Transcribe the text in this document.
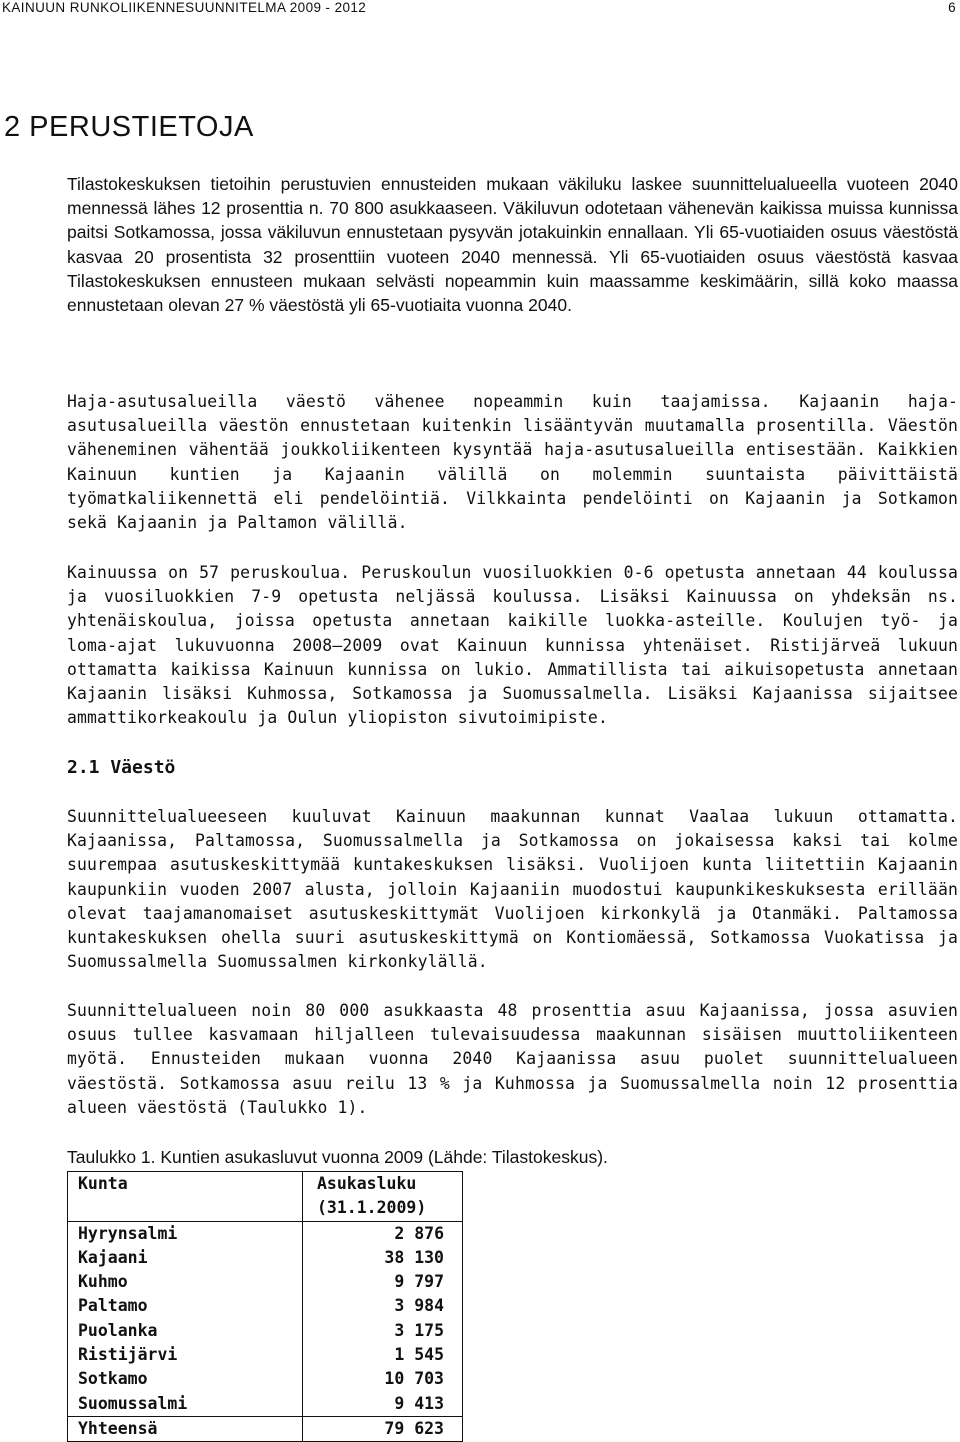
KAINUUN RUNKOLIIKENNESUUNNITELMA 2009 - 2012	6
2 PERUSTIETOJA

Tilastokeskuksen tietoihin perustuvien ennusteiden mukaan väkiluku laskee suunnittelualueella vuoteen 2040 mennessä lähes 12 prosenttia n. 70 800 asukkaaseen. Väkiluvun odotetaan vähenevän kaikissa muissa kunnissa paitsi Sotkamossa, jossa väkiluvun ennustetaan pysyvän jotakuinkin ennallaan. Yli 65-vuotiaiden osuus väestöstä kasvaa 20 prosentista 32 prosenttiin vuoteen 2040 mennessä. Yli 65-vuotiaiden osuus väestöstä kasvaa Tilastokeskuksen ennusteen mukaan selvästi nopeammin kuin maassamme keskimäärin, sillä koko maassa ennustetaan olevan 27 % väestöstä yli 65-vuotiaita vuonna 2040.

Haja-asutusalueilla väestö vähenee nopeammin kuin taajamissa. Kajaanin haja-asutusalueilla väestön ennustetaan kuitenkin lisääntyvän muutamalla prosentilla. Väestön väheneminen vähentää joukkoliikenteen kysyntää haja-asutusalueilla entisestään. Kaikkien Kainuun kuntien ja Kajaanin välillä on molemmin suuntaista päivittäistä työmatkaliikennettä eli pendelöintiä. Vilkkainta pendelöinti on Kajaanin ja Sotkamon sekä Kajaanin ja Paltamon välillä.

Kainuussa on 57 peruskoulua. Peruskoulun vuosiluokkien 0-6 opetusta annetaan 44 koulussa ja vuosiluokkien 7-9 opetusta neljässä koulussa. Lisäksi Kainuussa on yhdeksän ns. yhtenäiskoulua, joissa opetusta annetaan kaikille luokka-asteille. Koulujen työ- ja loma-ajat lukuvuonna 2008—2009 ovat Kainuun kunnissa yhtenäiset. Ristijärveä lukuun ottamatta kaikissa Kainuun kunnissa on lukio. Ammatillista tai aikuisopetusta annetaan Kajaanin lisäksi Kuhmossa, Sotkamossa ja Suomussalmella. Lisäksi Kajaanissa sijaitsee ammattikorkeakoulu ja Oulun yliopiston sivutoimipiste.

2.1 Väestö

Suunnittelualueeseen kuuluvat Kainuun maakunnan kunnat Vaalaa lukuun ottamatta. Kajaanissa, Paltamossa, Suomussalmella ja Sotkamossa on jokaisessa kaksi tai kolme suurempaa asutuskeskittymää kuntakeskuksen lisäksi. Vuolijoen kunta liitettiin Kajaanin kaupunkiin vuoden 2007 alusta, jolloin Kajaaniin muodostui kaupunkikeskuksesta erillään olevat taajamanomaiset asutuskeskittymät Vuolijoen kirkonkylä ja Otanmäki. Paltamossa kuntakeskuksen ohella suuri asutuskeskittymä on Kontiomäessä, Sotkamossa Vuokatissa ja Suomussalmella Suomussalmen kirkonkylällä.

Suunnittelualueen noin 80 000 asukkaasta 48 prosenttia asuu Kajaanissa, jossa asuvien osuus tullee kasvamaan hiljalleen tulevaisuudessa maakunnan sisäisen muuttoliikenteen myötä. Ennusteiden mukaan vuonna 2040 Kajaanissa asuu puolet suunnittelualueen väestöstä. Sotkamossa asuu reilu 13 % ja Kuhmossa ja Suomussalmella noin 12 prosenttia alueen väestöstä (Taulukko 1).

Taulukko 1. Kuntien asukasluvut vuonna 2009 (Lähde: Tilastokeskus).

Kunta	Asukasluku
	(31.1.2009)
Hyrynsalmi	2 876
Kajaani	38 130
Kuhmo	9 797
Paltamo	3 984
Puolanka	3 175
Ristijärvi	1 545
Sotkamo	10 703
Suomussalmi	9 413
Yhteensä	79 623
